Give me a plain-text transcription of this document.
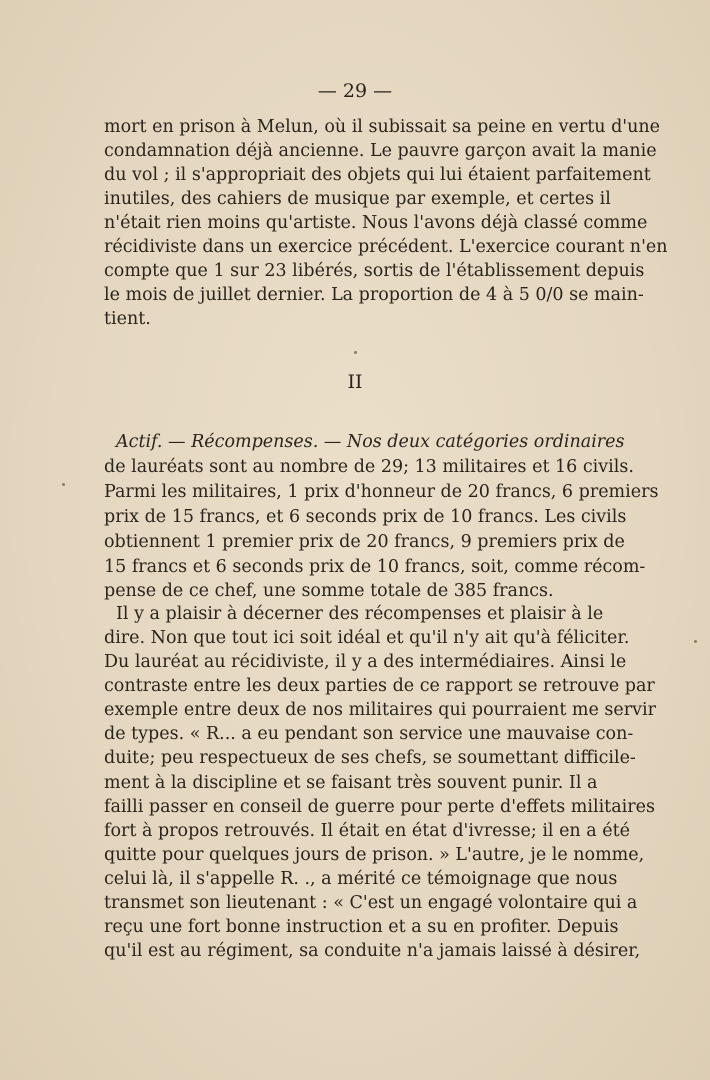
— 29 —
mort en prison à Melun, où il subissait sa peine en vertu d'une
condamnation déjà ancienne. Le pauvre garçon avait la manie
du vol ; il s'appropriait des objets qui lui étaient parfaitement
inutiles, des cahiers de musique par exemple, et certes il
n'était rien moins qu'artiste. Nous l'avons déjà classé comme
récidiviste dans un exercice précédent. L'exercice courant n'en
compte que 1 sur 23 libérés, sortis de l'établissement depuis
le mois de juillet dernier. La proportion de 4 à 5 0/0 se main-
tient.
II
Actif. — Récompenses. — Nos deux catégories ordinaires
de lauréats sont au nombre de 29; 13 militaires et 16 civils.
Parmi les militaires, 1 prix d'honneur de 20 francs, 6 premiers
prix de 15 francs, et 6 seconds prix de 10 francs. Les civils
obtiennent 1 premier prix de 20 francs, 9 premiers prix de
15 francs et 6 seconds prix de 10 francs, soit, comme récom-
pense de ce chef, une somme totale de 385 francs.
Il y a plaisir à décerner des récompenses et plaisir à le
dire. Non que tout ici soit idéal et qu'il n'y ait qu'à féliciter.
Du lauréat au récidiviste, il y a des intermédiaires. Ainsi le
contraste entre les deux parties de ce rapport se retrouve par
exemple entre deux de nos militaires qui pourraient me servir
de types. « R... a eu pendant son service une mauvaise con-
duite; peu respectueux de ses chefs, se soumettant difficile-
ment à la discipline et se faisant très souvent punir. Il a
failli passer en conseil de guerre pour perte d'effets militaires
fort à propos retrouvés. Il était en état d'ivresse; il en a été
quitte pour quelques jours de prison. » L'autre, je le nomme,
celui là, il s'appelle R. ., a mérité ce témoignage que nous
transmet son lieutenant : « C'est un engagé volontaire qui a
reçu une fort bonne instruction et a su en profiter. Depuis
qu'il est au régiment, sa conduite n'a jamais laissé à désirer,
